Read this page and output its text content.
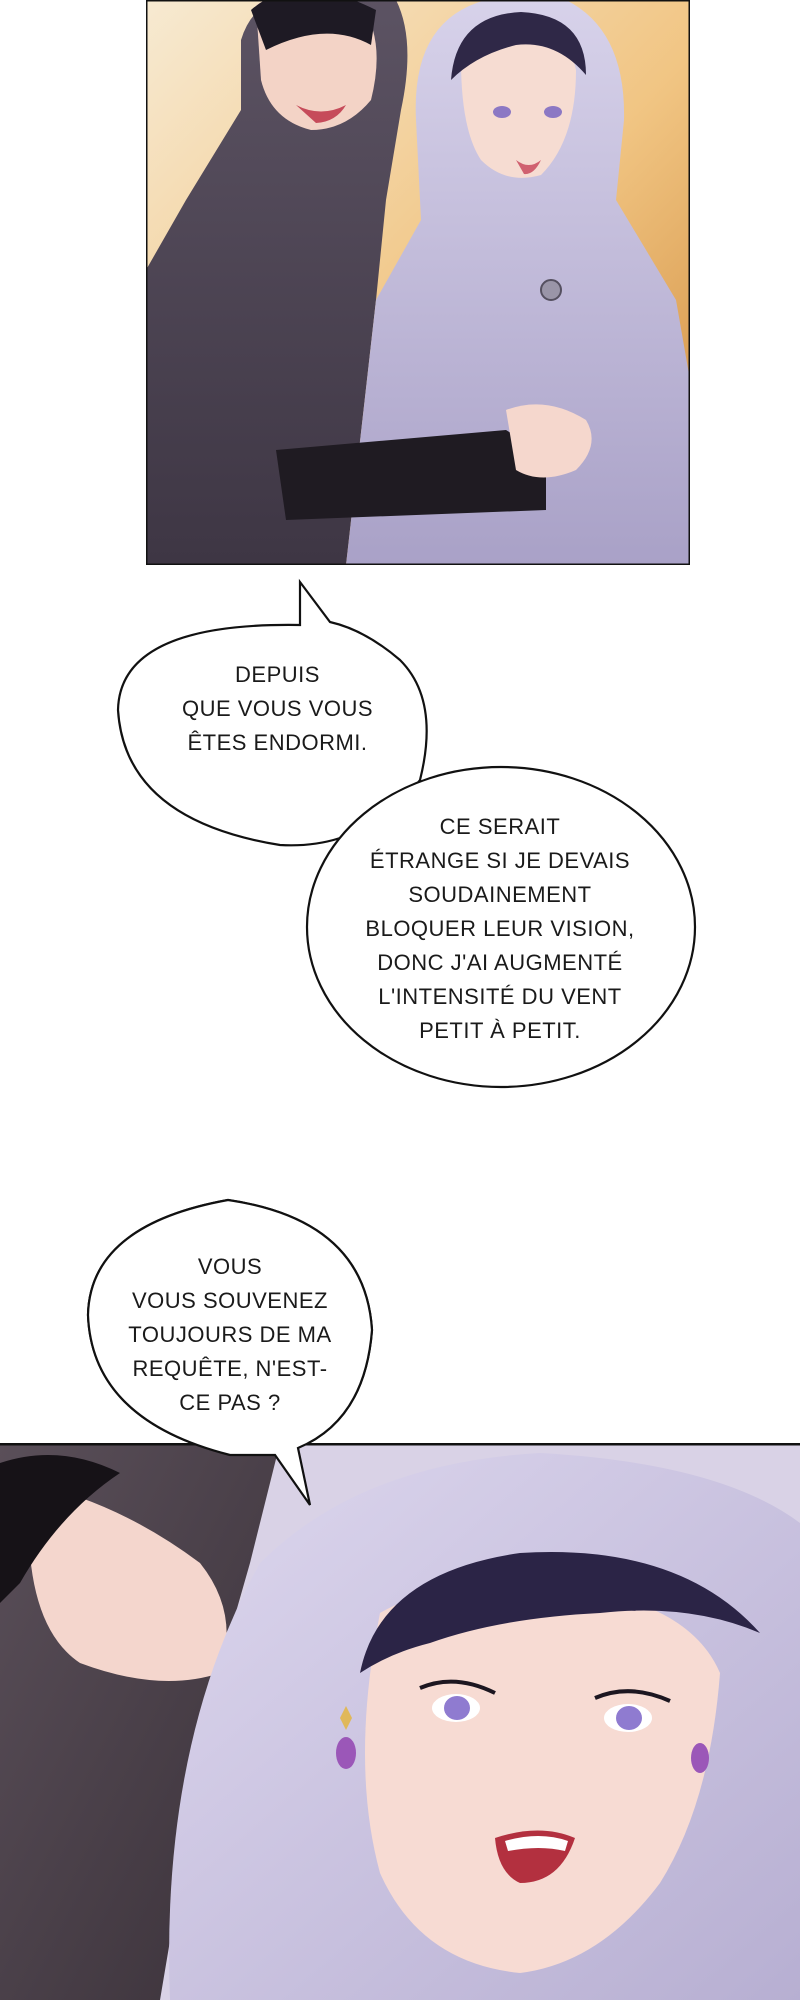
DEPUIS
QUE VOUS VOUS
ÊTES ENDORMI.
CE SERAIT
ÉTRANGE SI JE DEVAIS
SOUDAINEMENT
BLOQUER LEUR VISION,
DONC J'AI AUGMENTÉ
L'INTENSITÉ DU VENT
PETIT À PETIT.
VOUS
VOUS SOUVENEZ
TOUJOURS DE MA
REQUÊTE, N'EST-
CE PAS ?
